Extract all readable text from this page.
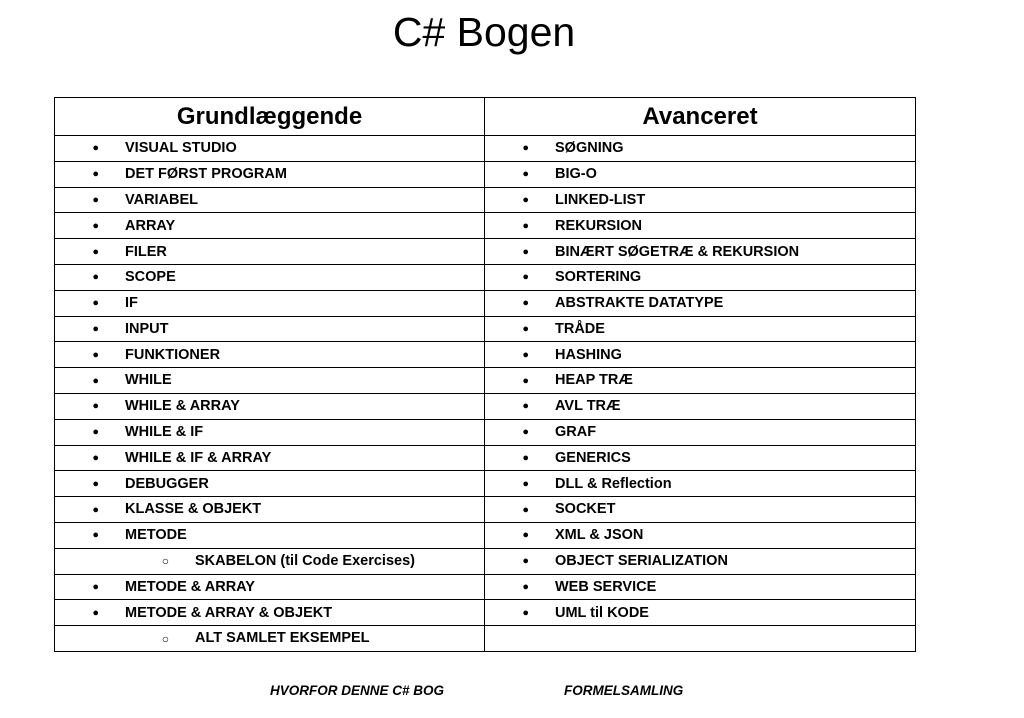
C# Bogen
Grundlæggende	Avanceret
● VISUAL STUDIO	● SØGNING
● DET FØRST PROGRAM	● BIG-O
● VARIABEL	● LINKED-LIST
● ARRAY	● REKURSION
● FILER	● BINÆRT SØGETRÆ & REKURSION
● SCOPE	● SORTERING
● IF	● ABSTRAKTE DATATYPE
● INPUT	● TRÅDE
● FUNKTIONER	● HASHING
● WHILE	● HEAP TRÆ
● WHILE & ARRAY	● AVL TRÆ
● WHILE & IF	● GRAF
● WHILE & IF & ARRAY	● GENERICS
● DEBUGGER	● DLL & Reflection
● KLASSE & OBJEKT	● SOCKET
● METODE	● XML & JSON
○ SKABELON (til Code Exercises)	● OBJECT SERIALIZATION
● METODE & ARRAY	● WEB SERVICE
● METODE & ARRAY & OBJEKT	● UML til KODE
○ ALT SAMLET EKSEMPEL	
HVORFOR DENNE C# BOG	FORMELSAMLING
